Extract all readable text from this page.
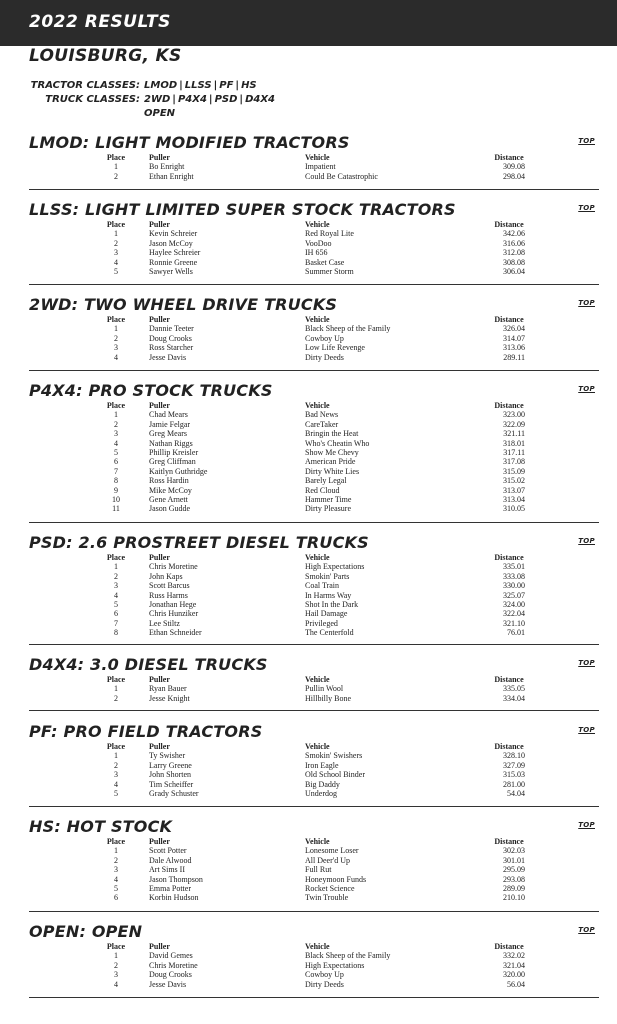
2022 RESULTS
LOUISBURG, KS
TRACTOR CLASSES: LMOD | LLSS | PF | HS
TRUCK CLASSES: 2WD | P4X4 | PSD | D4X4
OPEN
LMOD: LIGHT MODIFIED TRACTORS	TOP
Place	Puller	Vehicle	Distance
1	Bo Enright	Impatient	309.08
2	Ethan Enright	Could Be Catastrophic	298.04
LLSS: LIGHT LIMITED SUPER STOCK TRACTORS	TOP
Place	Puller	Vehicle	Distance
1	Kevin Schreier	Red Royal Lite	342.06
2	Jason McCoy	VooDoo	316.06
3	Haylee Schreier	IH 656	312.08
4	Ronnie Greene	Basket Case	308.08
5	Sawyer Wells	Summer Storm	306.04
2WD: TWO WHEEL DRIVE TRUCKS	TOP
Place	Puller	Vehicle	Distance
1	Dannie Teeter	Black Sheep of the Family	326.04
2	Doug Crooks	Cowboy Up	314.07
3	Ross Starcher	Low Life Revenge	313.06
4	Jesse Davis	Dirty Deeds	289.11
P4X4: PRO STOCK TRUCKS	TOP
Place	Puller	Vehicle	Distance
1	Chad Mears	Bad News	323.00
2	Jamie Felgar	CareTaker	322.09
3	Greg Mears	Bringin the Heat	321.11
4	Nathan Riggs	Who's Cheatin Who	318.01
5	Phillip Kreisler	Show Me Chevy	317.11
6	Greg Cliffman	American Pride	317.08
7	Kaitlyn Guthridge	Dirty White Lies	315.09
8	Ross Hardin	Barely Legal	315.02
9	Mike McCoy	Red Cloud	313.07
10	Gene Arnett	Hammer Time	313.04
11	Jason Gudde	Dirty Pleasure	310.05
PSD: 2.6 PROSTREET DIESEL TRUCKS	TOP
Place	Puller	Vehicle	Distance
1	Chris Moretine	High Expectations	335.01
2	John Kaps	Smokin' Parts	333.08
3	Scott Barcus	Coal Train	330.00
4	Russ Harms	In Harms Way	325.07
5	Jonathan Hege	Shot In the Dark	324.00
6	Chris Hunziker	Hail Damage	322.04
7	Lee Stiltz	Privileged	321.10
8	Ethan Schneider	The Centerfold	76.01
D4X4: 3.0 DIESEL TRUCKS	TOP
Place	Puller	Vehicle	Distance
1	Ryan Bauer	Pullin Wool	335.05
2	Jesse Knight	Hillbilly Bone	334.04
PF: PRO FIELD TRACTORS	TOP
Place	Puller	Vehicle	Distance
1	Ty Swisher	Smokin' Swishers	328.10
2	Larry Greene	Iron Eagle	327.09
3	John Shorten	Old School Binder	315.03
4	Tim Scheiffer	Big Daddy	281.00
5	Grady Schuster	Underdog	54.04
HS: HOT STOCK	TOP
Place	Puller	Vehicle	Distance
1	Scott Potter	Lonesome Loser	302.03
2	Dale Alwood	All Deer'd Up	301.01
3	Art Sims II	Full Rut	295.09
4	Jason Thompson	Honeymoon Funds	293.08
5	Emma Potter	Rocket Science	289.09
6	Korbin Hudson	Twin Trouble	210.10
OPEN: OPEN	TOP
Place	Puller	Vehicle	Distance
1	David Gemes	Black Sheep of the Family	332.02
2	Chris Moretine	High Expectations	321.04
3	Doug Crooks	Cowboy Up	320.00
4	Jesse Davis	Dirty Deeds	56.04
